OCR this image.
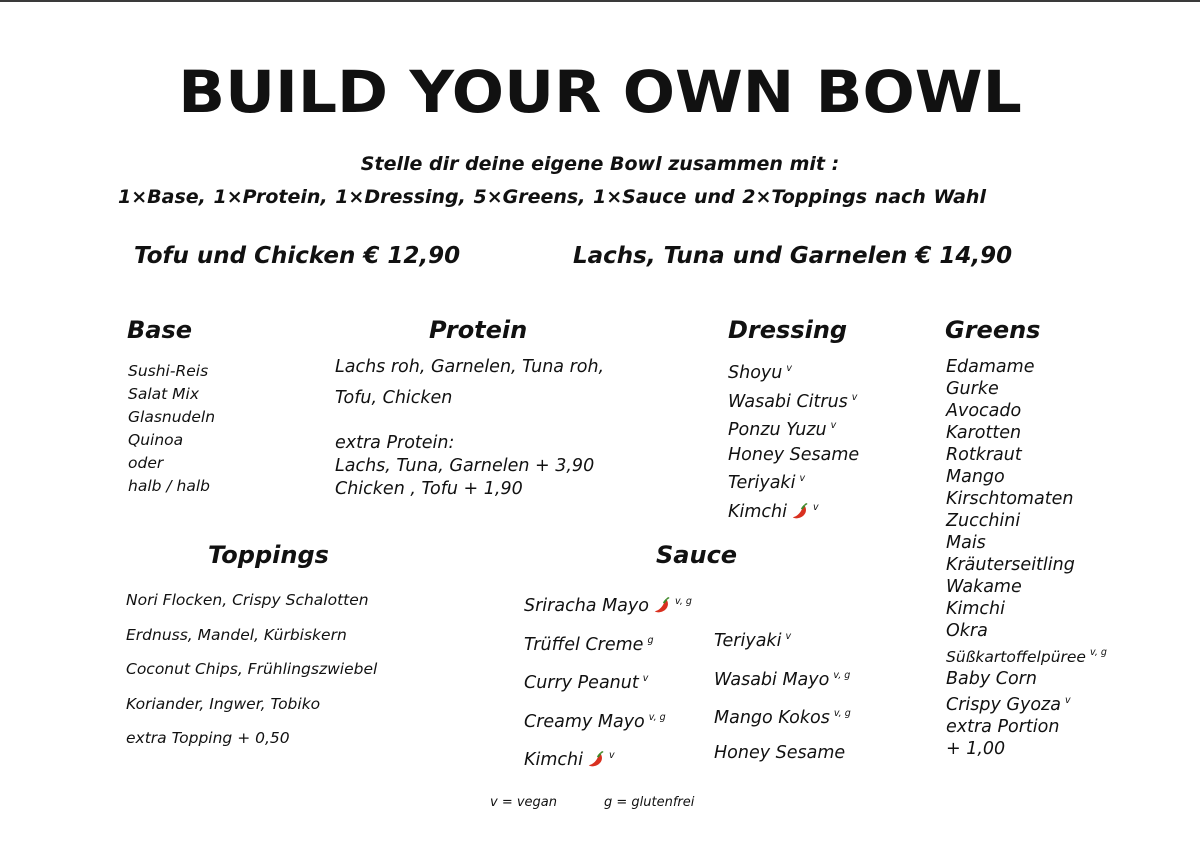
BUILD YOUR OWN BOWL
Stelle dir deine eigene Bowl zusammen mit :
1×Base, 1×Protein, 1×Dressing, 5×Greens, 1×Sauce und 2×Toppings nach Wahl
Tofu und Chicken € 12,90	Lachs, Tuna und Garnelen € 14,90
Base
Sushi-Reis
Salat Mix
Glasnudeln
Quinoa
oder
halb / halb
Protein
Lachs roh, Garnelen, Tuna roh,
Tofu, Chicken
extra Protein:
Lachs, Tuna, Garnelen + 3,90
Chicken , Tofu + 1,90
Dressing
Shoyu $^v$
Wasabi Citrus $^v$
Ponzu Yuzu $^v$
Honey Sesame
Teriyaki $^v$
Kimchi	$^v$
Greens
Edamame
Gurke
Avocado
Karotten
Rotkraut
Mango
Kirschtomaten
Zucchini
Mais
Kräuterseitling
Wakame
Kimchi
Okra
Süßkartoffelpüree $^{v, g}$
Baby Corn
Crispy Gyoza $^v$
extra Portion
+ 1,00
Toppings
Nori Flocken, Crispy Schalotten
Erdnuss, Mandel, Kürbiskern
Coconut Chips, Frühlingszwiebel
Koriander, Ingwer, Tobiko
extra Topping + 0,50
Sauce
Sriracha Mayo	$^{v, g}$
Trüffel Creme $^g$
Curry Peanut $^v$
Creamy Mayo $^{v, g}$
Kimchi	$^v$
Teriyaki $^v$
Wasabi Mayo $^{v, g}$
Mango Kokos $^{v, g}$
Honey Sesame
v = vegan	g = glutenfrei
